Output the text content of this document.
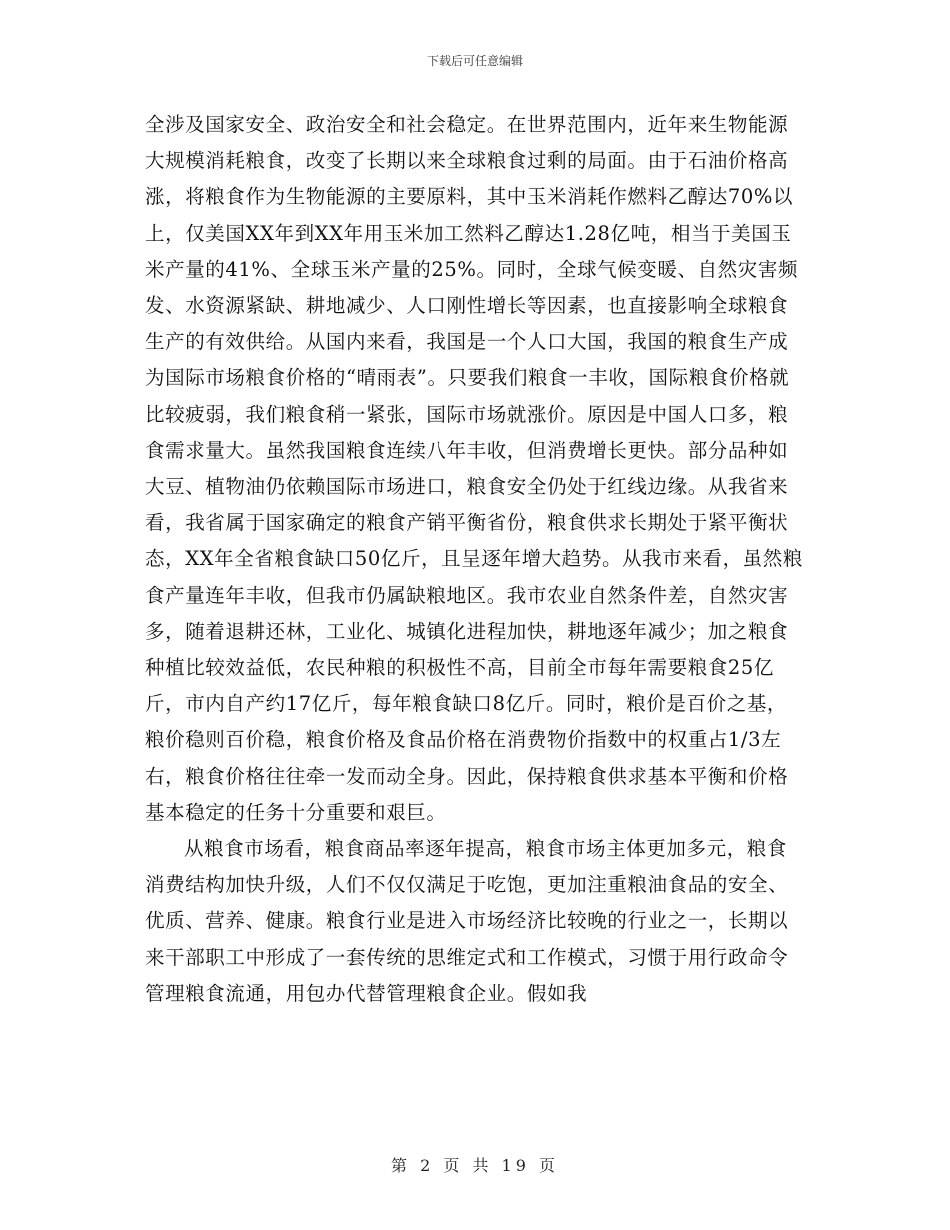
下载后可任意编辑

全涉及国家安全、政治安全和社会稳定。在世界范围内，近年来生物能源大规模消耗粮食，改变了长期以来全球粮食过剩的局面。由于石油价格高涨，将粮食作为生物能源的主要原料，其中玉米消耗作燃料乙醇达70%以上，仅美国XX年到XX年用玉米加工然料乙醇达1.28亿吨，相当于美国玉米产量的41%、全球玉米产量的25%。同时，全球气候变暖、自然灾害频发、水资源紧缺、耕地减少、人口刚性增长等因素，也直接影响全球粮食生产的有效供给。从国内来看，我国是一个人口大国，我国的粮食生产成为国际市场粮食价格的“晴雨表”。只要我们粮食一丰收，国际粮食价格就比较疲弱，我们粮食稍一紧张，国际市场就涨价。原因是中国人口多，粮食需求量大。虽然我国粮食连续八年丰收，但消费增长更快。部分品种如大豆、植物油仍依赖国际市场进口，粮食安全仍处于红线边缘。从我省来看，我省属于国家确定的粮食产销平衡省份，粮食供求长期处于紧平衡状态，XX年全省粮食缺口50亿斤，且呈逐年增大趋势。从我市来看，虽然粮食产量连年丰收，但我市仍属缺粮地区。我市农业自然条件差，自然灾害多，随着退耕还林，工业化、城镇化进程加快，耕地逐年减少；加之粮食种植比较效益低，农民种粮的积极性不高，目前全市每年需要粮食25亿斤，市内自产约17亿斤，每年粮食缺口8亿斤。同时，粮价是百价之基，粮价稳则百价稳，粮食价格及食品价格在消费物价指数中的权重占1/3左右，粮食价格往往牵一发而动全身。因此，保持粮食供求基本平衡和价格基本稳定的任务十分重要和艰巨。

从粮食市场看，粮食商品率逐年提高，粮食市场主体更加多元，粮食消费结构加快升级，人们不仅仅满足于吃饱，更加注重粮油食品的安全、优质、营养、健康。粮食行业是进入市场经济比较晚的行业之一，长期以来干部职工中形成了一套传统的思维定式和工作模式，习惯于用行政命令管理粮食流通，用包办代替管理粮食企业。假如我

第 2 页 共 19 页
